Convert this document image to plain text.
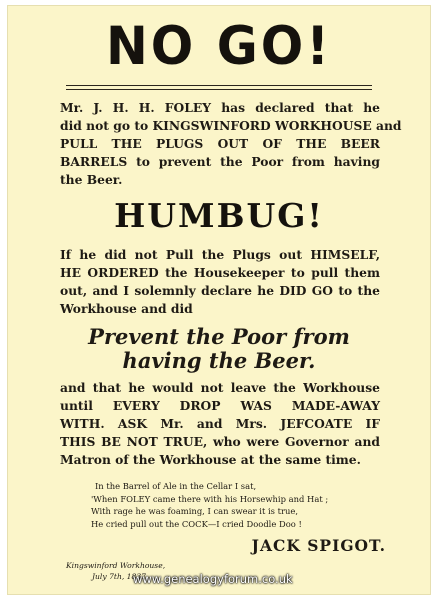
NO GO!
Mr. J. H. H. FOLEY has declared that he
did not go to KINGSWINFORD WORKHOUSE and
PULL THE PLUGS OUT OF THE BEER
BARRELS to prevent the Poor from having
the Beer.
HUMBUG!
If he did not Pull the Plugs out HIMSELF,
HE ORDERED the Housekeeper to pull them
out, and I solemnly declare he DID GO to the
Workhouse and did
Prevent the Poor from
having the Beer.
and that he would not leave the Workhouse
until EVERY DROP WAS MADE-AWAY
WITH. ASK Mr. and Mrs. JEFCOATE IF
THIS BE NOT TRUE, who were Governor and
Matron of the Workhouse at the same time.
In the Barrel of Ale in the Cellar I sat,
'When FOLEY came there with his Horsewhip and Hat ;
With rage he was foaming, I can swear it is true,
He cried pull out the COCK—I cried Doodle Doo !
JACK SPIGOT.
Kingswinford Workhouse,
July 7th, 1837.
www.genealogyforum.co.uk
